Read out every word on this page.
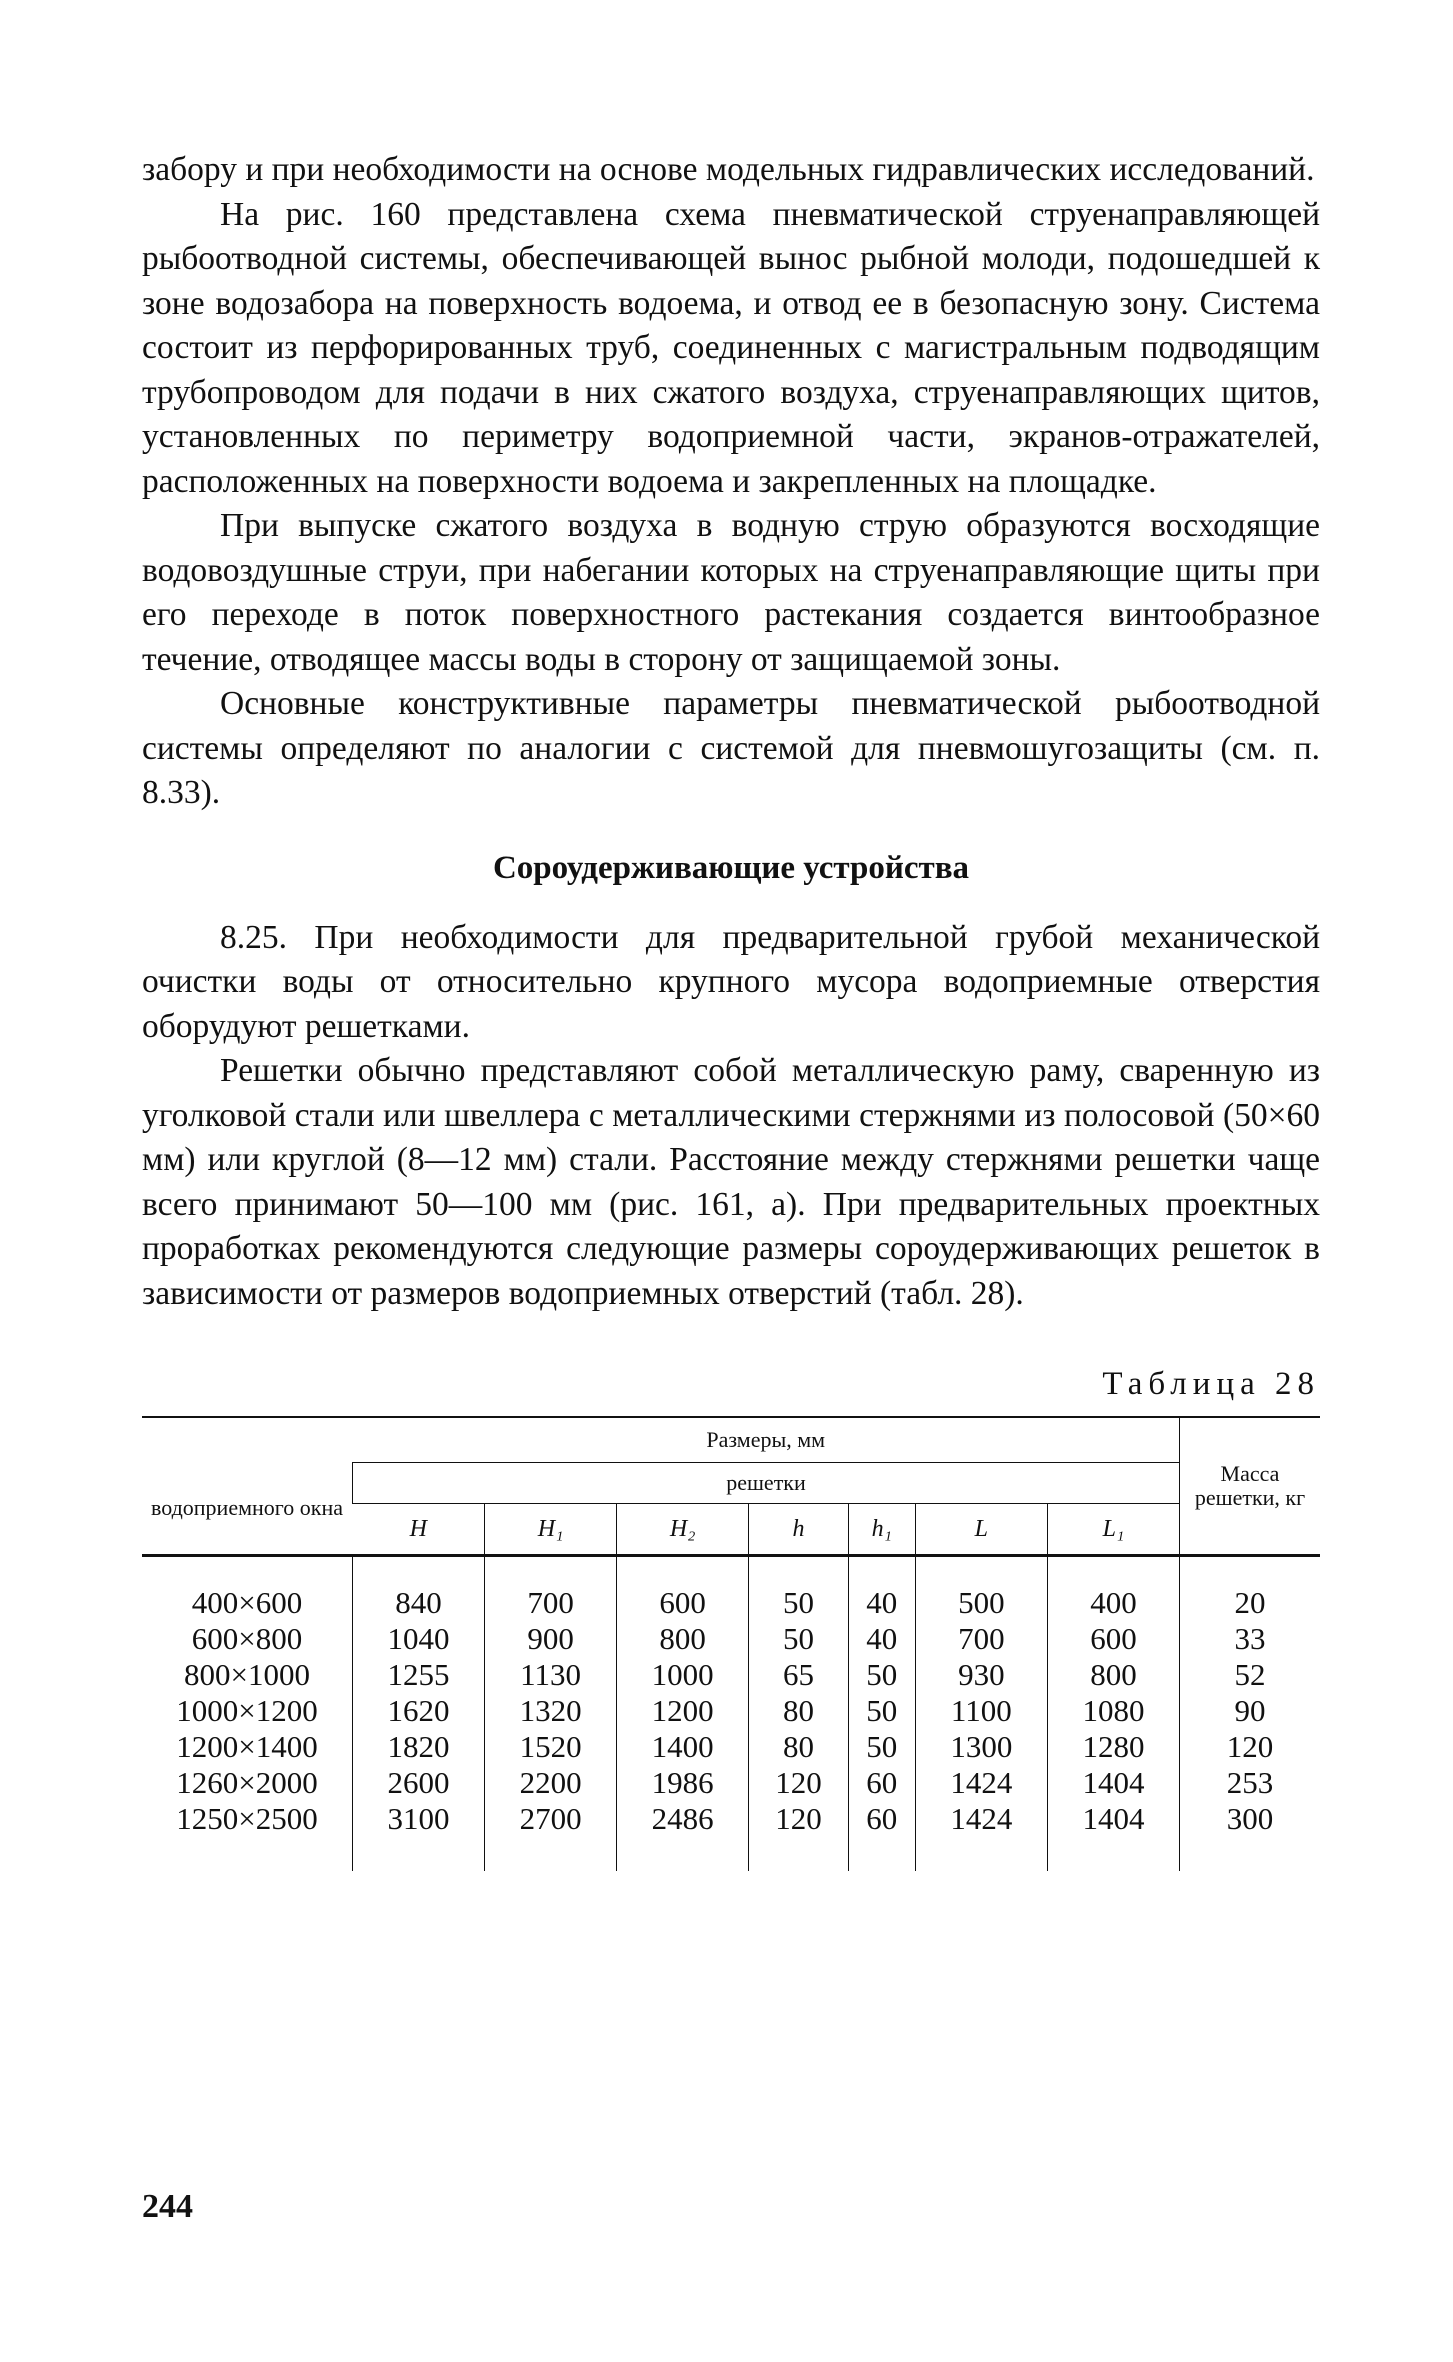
забору и при необходимости на основе модельных гидравлических исследований.

На рис. 160 представлена схема пневматической струенаправляющей рыбоотводной системы, обеспечивающей вынос рыбной молоди, подошедшей к зоне водозабора на поверхность водоема, и отвод ее в безопасную зону. Система состоит из перфорированных труб, соединенных с магистральным подводящим трубопроводом для подачи в них сжатого воздуха, струенаправляющих щитов, установленных по периметру водоприемной части, экранов-отражателей, расположенных на поверхности водоема и закрепленных на площадке.

При выпуске сжатого воздуха в водную струю образуются восходящие водовоздушные струи, при набегании которых на струенаправляющие щиты при его переходе в поток поверхностного растекания создается винтообразное течение, отводящее массы воды в сторону от защищаемой зоны.

Основные конструктивные параметры пневматической рыбоотводной системы определяют по аналогии с системой для пневмошугозащиты (см. п. 8.33).

Сороудерживающие устройства

8.25. При необходимости для предварительной грубой механической очистки воды от относительно крупного мусора водоприемные отверстия оборудуют решетками.

Решетки обычно представляют собой металлическую раму, сваренную из уголковой стали или швеллера с металлическими стержнями из полосовой (50×60 мм) или круглой (8—12 мм) стали. Расстояние между стержнями решетки чаще всего принимают 50—100 мм (рис. 161, а). При предварительных проектных проработках рекомендуются следующие размеры сороудерживающих решеток в зависимости от размеров водоприемных отверстий (табл. 28).

Таблица 28
	Размеры, мм							Масса решетки, кг
водоприемного окна	решетки							
	H	H₁	H₂	h	h₁	L	L₁	
400×600	840	700	600	50	40	500	400	20
600×800	1040	900	800	50	40	700	600	33
800×1000	1255	1130	1000	65	50	930	800	52
1000×1200	1620	1320	1200	80	50	1100	1080	90
1200×1400	1820	1520	1400	80	50	1300	1280	120
1260×2000	2600	2200	1986	120	60	1424	1404	253
1250×2500	3100	2700	2486	120	60	1424	1404	300
244
